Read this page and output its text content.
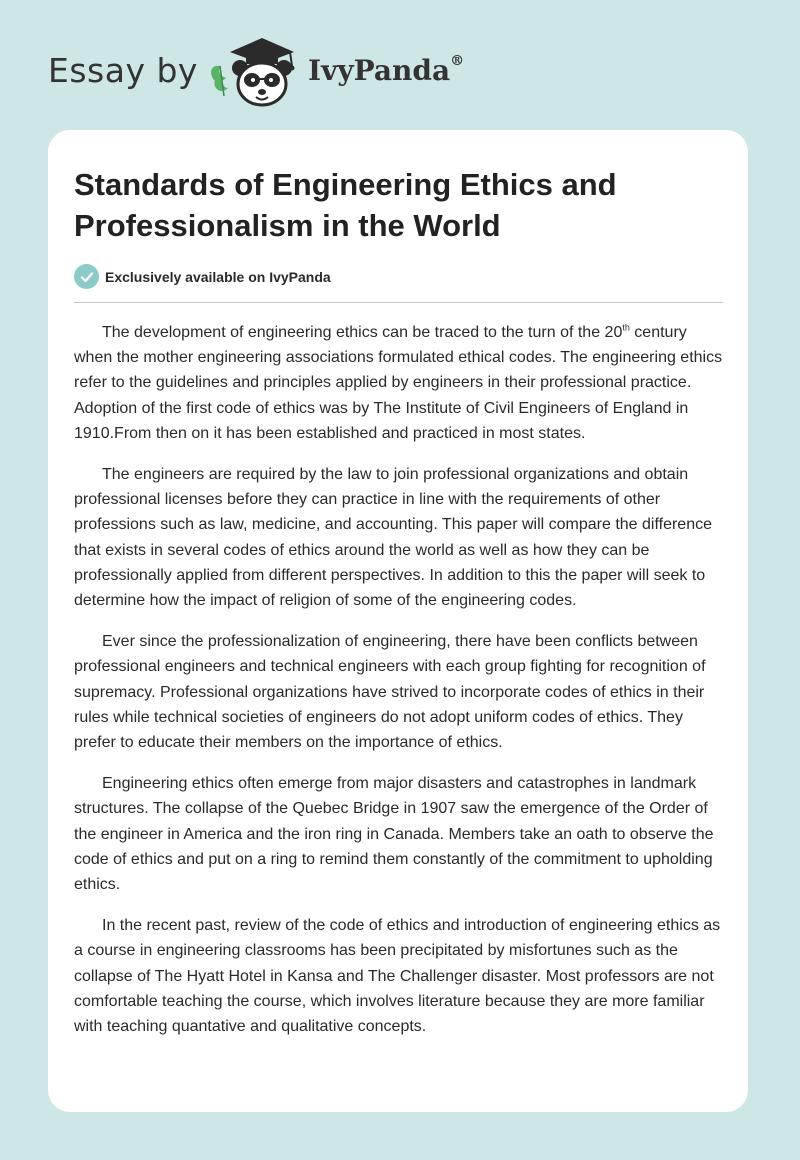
Essay by	IvyPanda®
Standards of Engineering Ethics and Professionalism in the World
Exclusively available on IvyPanda

The development of engineering ethics can be traced to the turn of the 20th century when the mother engineering associations formulated ethical codes. The engineering ethics refer to the guidelines and principles applied by engineers in their professional practice. Adoption of the first code of ethics was by The Institute of Civil Engineers of England in 1910.From then on it has been established and practiced in most states.

The engineers are required by the law to join professional organizations and obtain professional licenses before they can practice in line with the requirements of other professions such as law, medicine, and accounting. This paper will compare the difference that exists in several codes of ethics around the world as well as how they can be professionally applied from different perspectives. In addition to this the paper will seek to determine how the impact of religion of some of the engineering codes.

Ever since the professionalization of engineering, there have been conflicts between professional engineers and technical engineers with each group fighting for recognition of supremacy. Professional organizations have strived to incorporate codes of ethics in their rules while technical societies of engineers do not adopt uniform codes of ethics. They prefer to educate their members on the importance of ethics.

Engineering ethics often emerge from major disasters and catastrophes in landmark structures. The collapse of the Quebec Bridge in 1907 saw the emergence of the Order of the engineer in America and the iron ring in Canada. Members take an oath to observe the code of ethics and put on a ring to remind them constantly of the commitment to upholding ethics.

In the recent past, review of the code of ethics and introduction of engineering ethics as a course in engineering classrooms has been precipitated by misfortunes such as the collapse of The Hyatt Hotel in Kansa and The Challenger disaster. Most professors are not comfortable teaching the course, which involves literature because they are more familiar with teaching quantative and qualitative concepts.
